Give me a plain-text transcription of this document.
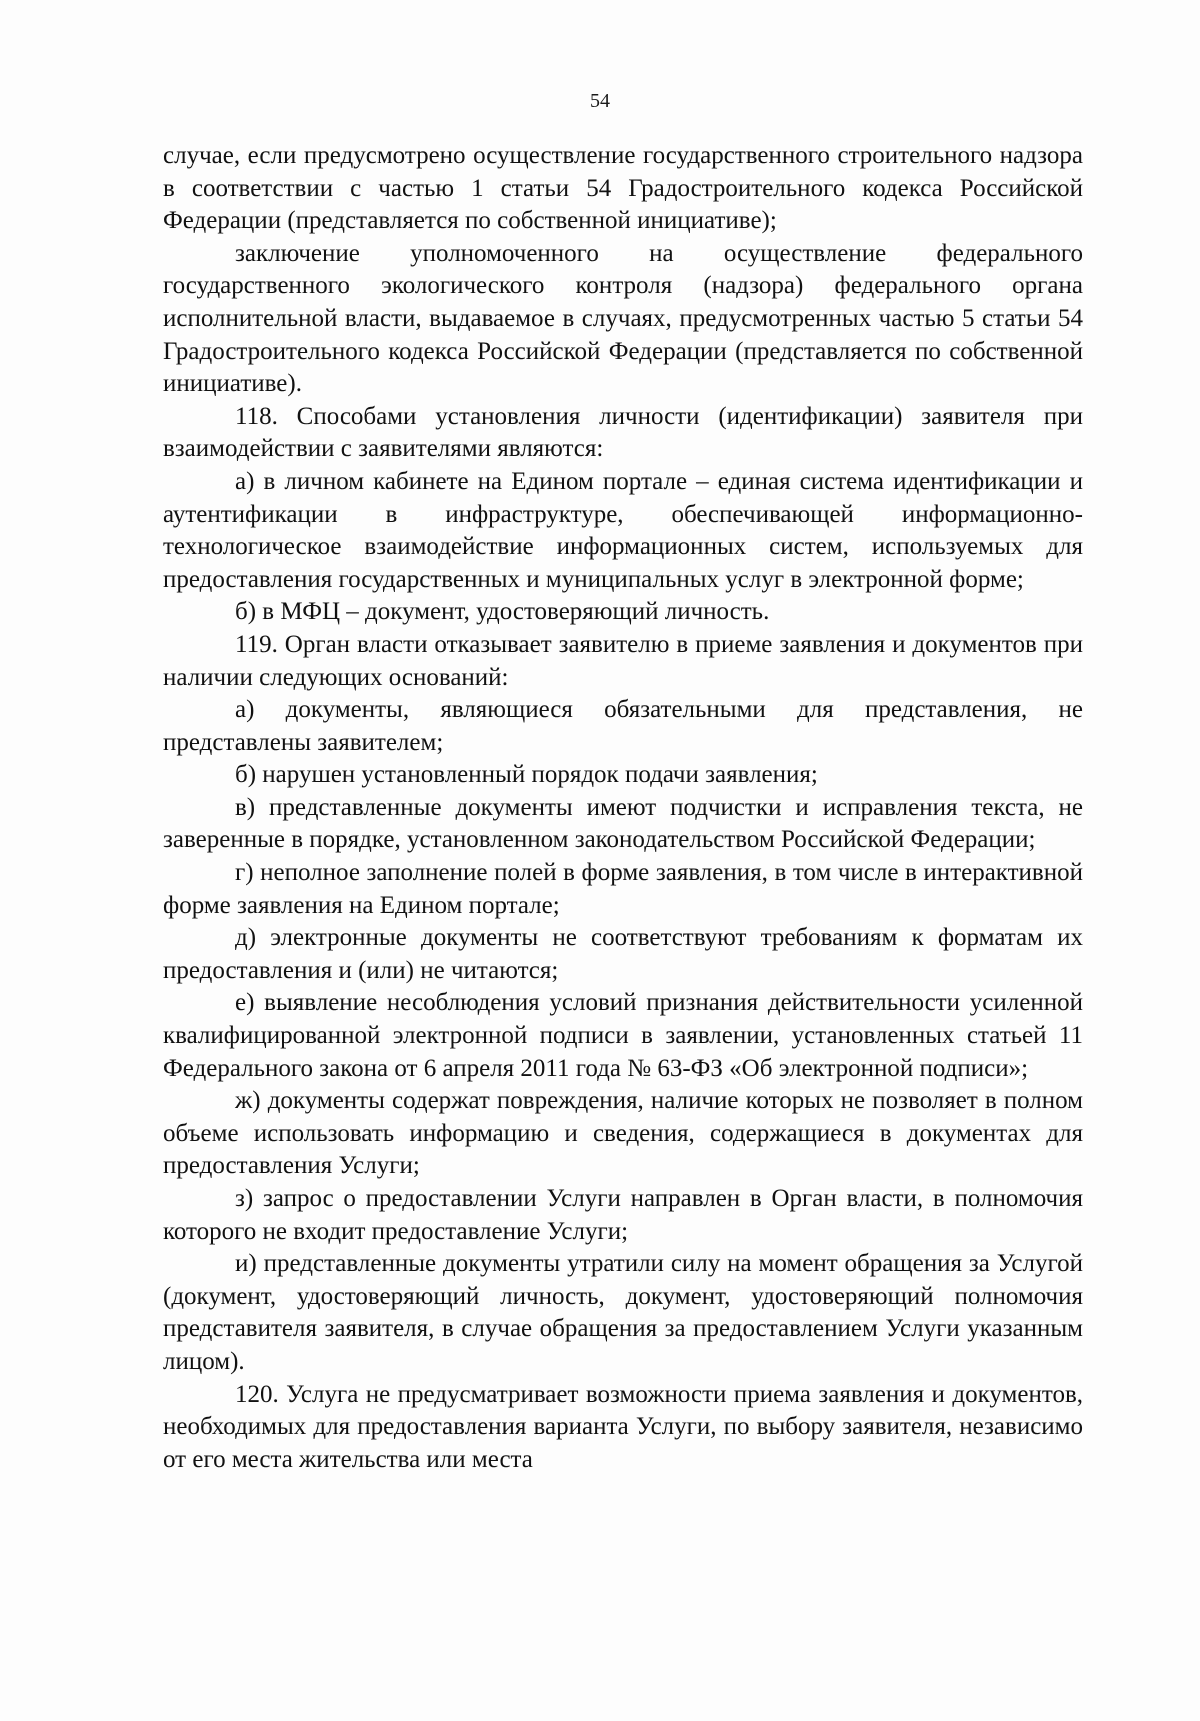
54

случае, если предусмотрено осуществление государственного строительного надзора в соответствии с частью 1 статьи 54 Градостроительного кодекса Российской Федерации (представляется по собственной инициативе);

заключение уполномоченного на осуществление федерального государственного экологического контроля (надзора) федерального органа исполнительной власти, выдаваемое в случаях, предусмотренных частью 5 статьи 54 Градостроительного кодекса Российской Федерации (представляется по собственной инициативе).

118. Способами установления личности (идентификации) заявителя при взаимодействии с заявителями являются:

а) в личном кабинете на Едином портале – единая система идентификации и аутентификации в инфраструктуре, обеспечивающей информационно-технологическое взаимодействие информационных систем, используемых для предоставления государственных и муниципальных услуг в электронной форме;

б) в МФЦ – документ, удостоверяющий личность.

119. Орган власти отказывает заявителю в приеме заявления и документов при наличии следующих оснований:

а) документы, являющиеся обязательными для представления, не представлены заявителем;

б) нарушен установленный порядок подачи заявления;

в) представленные документы имеют подчистки и исправления текста, не заверенные в порядке, установленном законодательством Российской Федерации;

г) неполное заполнение полей в форме заявления, в том числе в интерактивной форме заявления на Едином портале;

д) электронные документы не соответствуют требованиям к форматам их предоставления и (или) не читаются;

е) выявление несоблюдения условий признания действительности усиленной квалифицированной электронной подписи в заявлении, установленных статьей 11 Федерального закона от 6 апреля 2011 года № 63-ФЗ «Об электронной подписи»;

ж) документы содержат повреждения, наличие которых не позволяет в полном объеме использовать информацию и сведения, содержащиеся в документах для предоставления Услуги;

з) запрос о предоставлении Услуги направлен в Орган власти, в полномочия которого не входит предоставление Услуги;

и) представленные документы утратили силу на момент обращения за Услугой (документ, удостоверяющий личность, документ, удостоверяющий полномочия представителя заявителя, в случае обращения за предоставлением Услуги указанным лицом).

120. Услуга не предусматривает возможности приема заявления и документов, необходимых для предоставления варианта Услуги, по выбору заявителя, независимо от его места жительства или места
